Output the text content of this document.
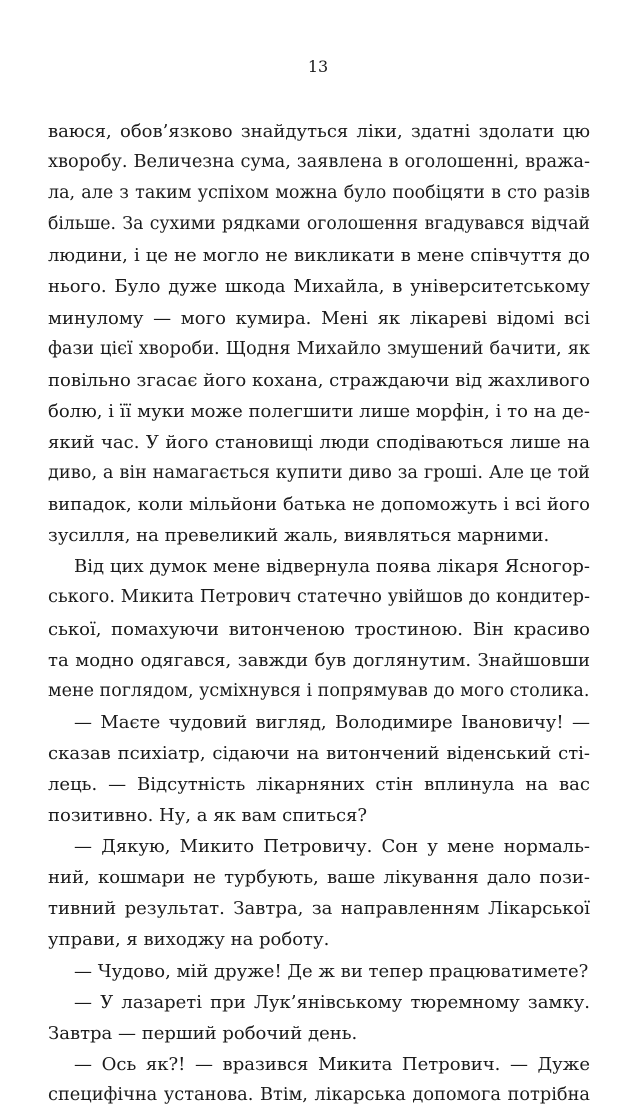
13
ваюся, обов’язково знайдуться ліки, здатні здолати цю
хворобу. Величезна сума, заявлена в оголошенні, вража-
ла, але з таким успіхом можна було пообіцяти в сто разів
більше. За сухими рядками оголошення вгадувався відчай
людини, і це не могло не викликати в мене співчуття до
нього. Було дуже шкода Михайла, в університетському
минулому — мого кумира. Мені як лікареві відомі всі
фази цієї хвороби. Щодня Михайло змушений бачити, як
повільно згасає його кохана, страждаючи від жахливого
болю, і її муки може полегшити лише морфін, і то на де-
який час. У його становищі люди сподіваються лише на
диво, а він намагається купити диво за гроші. Але це той
випадок, коли мільйони батька не допоможуть і всі його
зусилля, на превеликий жаль, виявляться марними.
Від цих думок мене відвернула поява лікаря Ясногор-
ського. Микита Петрович статечно увійшов до кондитер-
ської, помахуючи витонченою тростиною. Він красиво
та модно одягався, завжди був доглянутим. Знайшовши
мене поглядом, усміхнувся і попрямував до мого столика.
— Маєте чудовий вигляд, Володимире Івановичу! —
сказав психіатр, сідаючи на витончений віденський сті-
лець. — Відсутність лікарняних стін вплинула на вас
позитивно. Ну, а як вам спиться?
— Дякую, Микито Петровичу. Сон у мене нормаль-
ний, кошмари не турбують, ваше лікування дало пози-
тивний результат. Завтра, за направленням Лікарської
управи, я виходжу на роботу.
— Чудово, мій друже! Де ж ви тепер працюватимете?
— У лазареті при Лук’янівському тюремному замку.
Завтра — перший робочий день.
— Ось як?! — вразився Микита Петрович. — Дуже
специфічна установа. Втім, лікарська допомога потрібна
